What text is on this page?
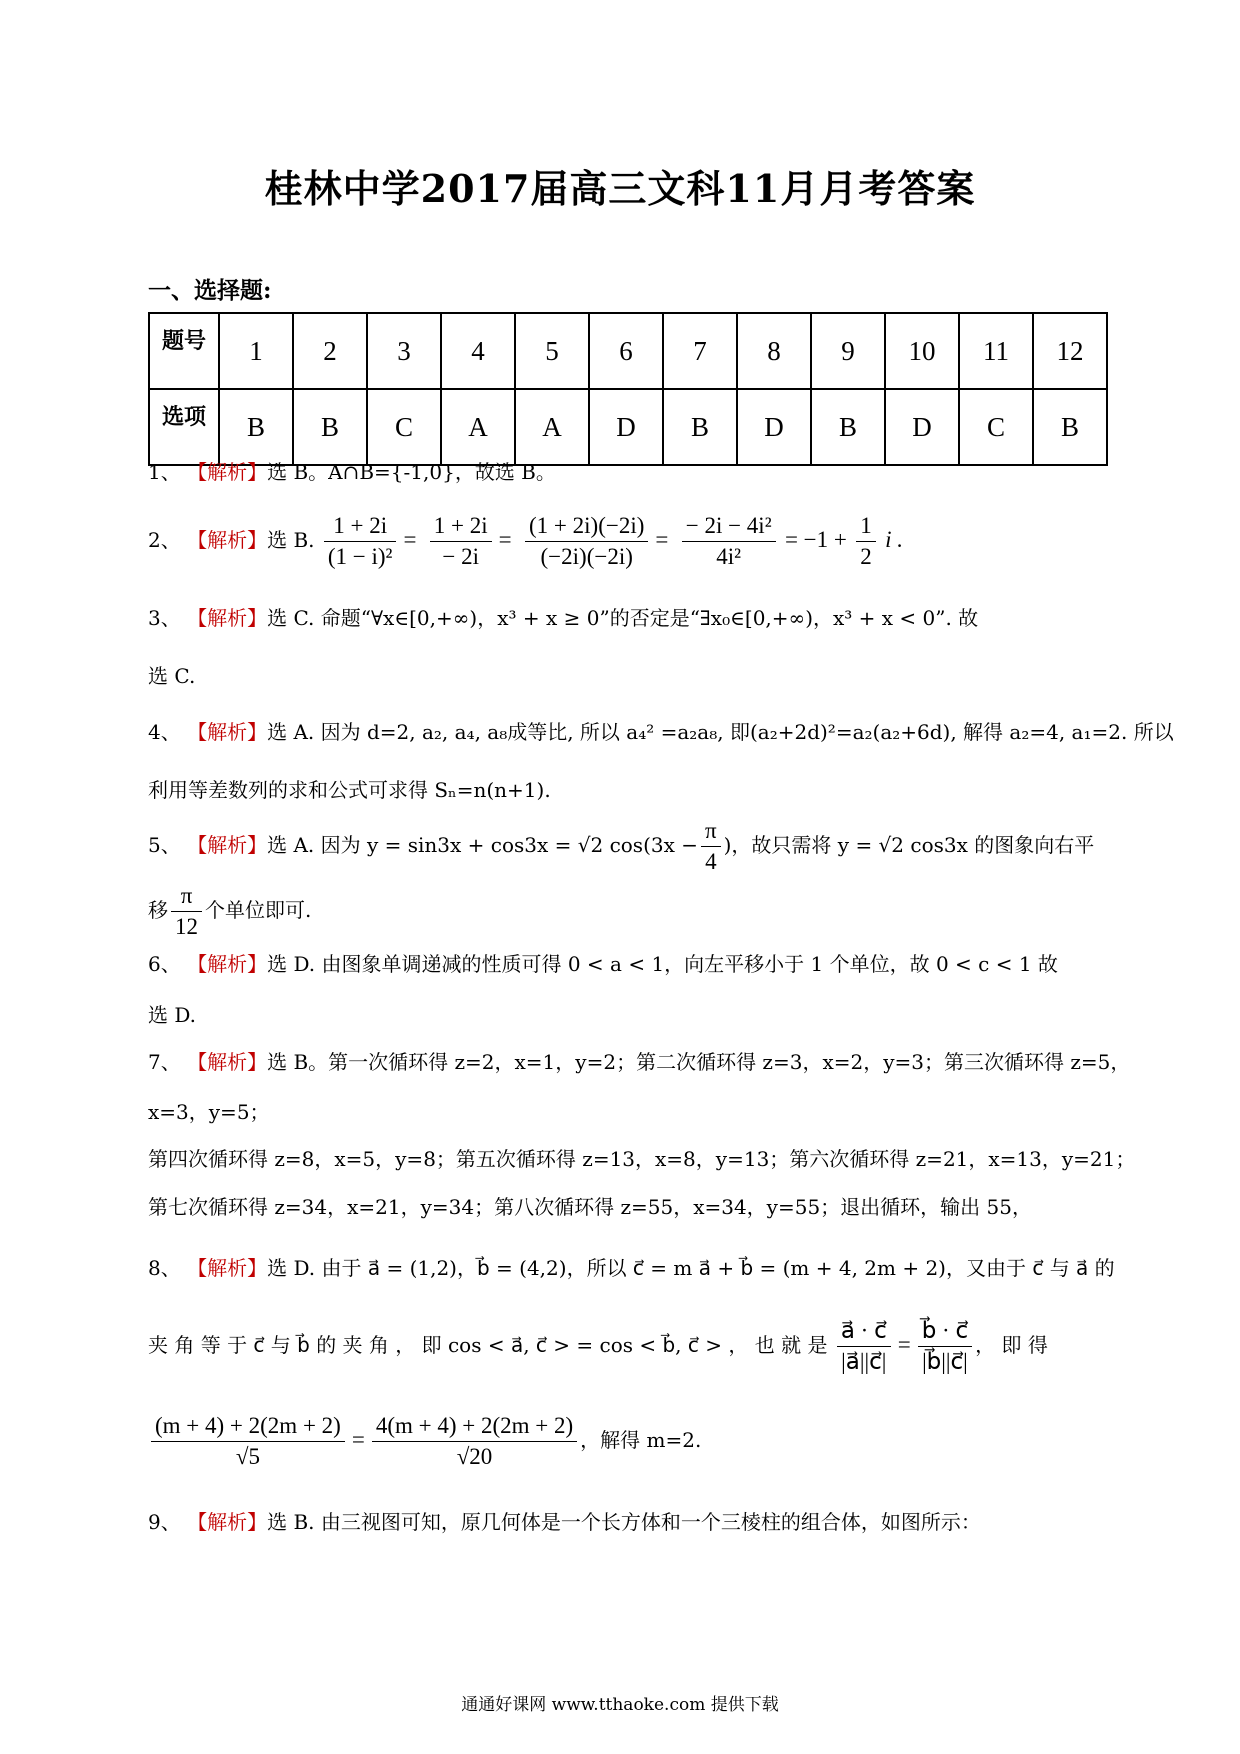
桂林中学2017届高三文科11月月考答案
一、选择题:
题号	1	2	3	4	5	6	7	8	9	10	11	12
选项	B	B	C	A	A	D	B	D	B	D	C	B
1、 【解析】选 B。A∩B={-1,0}，故选 B。
2、 【解析】选 B. $\frac{1 + 2i}{\text{(1 − i)²}} = \frac{1 + 2i}{- 2i} = \frac{(1 + 2i)(-2i)}{(-2i)(-2i)} = \frac{\text{− 2i − 4i²}}{\text{4i²}} = -1 + \frac{1}{2}$ i .
3、 【解析】选 C. 命题“∀x∈[0,+∞)，x³ + x ≥ 0”的否定是“∃x₀∈[0,+∞)，x³ + x < 0”. 故
选 C.
4、 【解析】选 A. 因为 d=2, a₂, a₄, a₈成等比, 所以 a₄² =a₂a₈, 即(a₂+2d)²=a₂(a₂+6d), 解得 a₂=4, a₁=2. 所以
利用等差数列的求和公式可求得 Sₙ=n(n+1).
5、 【解析】选 A. 因为 y = sin3x + cos3x = √2 $\cos(3x - \frac{\pi}{4}$ )，故只需将 y = √2 cos3x 的图象向右平
移 $\frac{\pi}{12}$ 个单位即可.
6、 【解析】选 D. 由图象单调递减的性质可得 0 < a < 1，向左平移小于 1 个单位，故 0 < c < 1 故
选 D.
7、 【解析】选 B。第一次循环得 z=2，x=1，y=2；第二次循环得 z=3，x=2，y=3；第三次循环得 z=5，
x=3，y=5；
第四次循环得 z=8，x=5，y=8；第五次循环得 z=13，x=8，y=13；第六次循环得 z=21，x=13，y=21；
第七次循环得 z=34，x=21，y=34；第八次循环得 z=55，x=34，y=55；退出循环，输出 55，
8、 【解析】选 D. 由于 a⃗ = (1,2)，b⃗ = (4,2)，所以 c⃗ = m a⃗ + b⃗ = (m + 4, 2m + 2)，又由于 c⃗ 与 a⃗ 的
夹 角 等 于 c⃗ 与 b⃗ 的 夹 角 ， 即 cos < a⃗, c⃗ > = cos < b⃗, c⃗ > ， 也 就 是 $\frac{a⃗ \cdot c⃗}{|a⃗||c⃗|} = \frac{b⃗ \cdot c⃗}{|b⃗||c⃗|}$ ， 即 得
$\frac{(m + 4) + 2(2m + 2)}{√5} = \frac{4(m + 4) + 2(2m + 2)}{√20}$ ，解得 m=2.
9、 【解析】选 B. 由三视图可知，原几何体是一个长方体和一个三棱柱的组合体，如图所示：
通通好课网 www.tthaoke.com 提供下载
